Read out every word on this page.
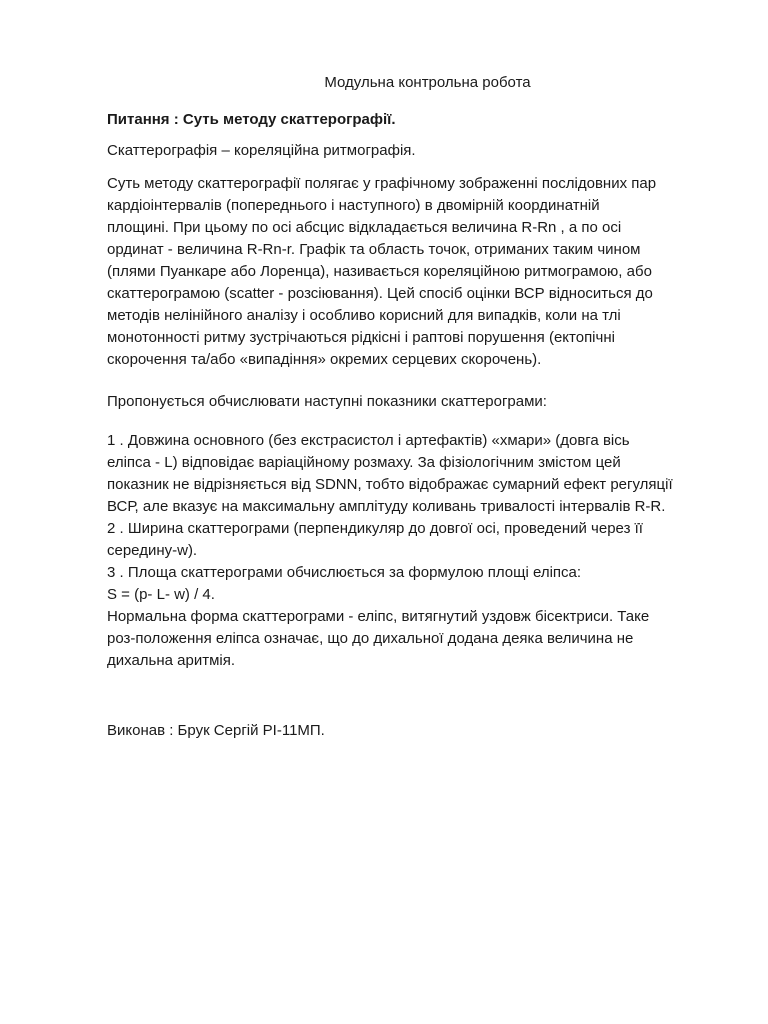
Модульна контрольна робота
Питання : Суть методу скаттерографії.
Скаттерографія – кореляційна ритмографія.
Суть методу скаттерографії полягає у графічному зображенні послідовних пар
кардіоінтервалів (попереднього і наступного) в двомірній координатній
площині. При цьому по осі абсцис відкладається величина R-Rn , а по осі
ординат - величина R-Rn-r. Графік та область точок, отриманих таким чином
(плями Пуанкаре або Лоренца), називається кореляційною ритмограмою, або
скаттерограмою (scatter - розсіювання). Цей спосіб оцінки ВСР відноситься до
методів нелінійного аналізу і особливо корисний для випадків, коли на тлі
монотонності ритму зустрічаються рідкісні і раптові порушення (ектопічні
скорочення та/або «випадіння» окремих серцевих скорочень).
Пропонується обчислювати наступні показники скаттерограми:
1 . Довжина основного (без екстрасистол і артефактів) «хмари» (довга вісь
еліпса - L) відповідає варіаційному розмаху. За фізіологічним змістом цей
показник не відрізняється від SDNN, тобто відображає сумарний ефект регуляції
ВСР, але вказує на максимальну амплітуду коливань тривалості інтервалів R-R.
2 . Ширина скаттерограми (перпендикуляр до довгої осі, проведений через її
середину-w).
3 . Площа скаттерограми обчислюється за формулою площі еліпса:
S = (p- L- w) / 4.
Нормальна форма скаттерограми - еліпс, витягнутий уздовж бісектриси. Таке
роз-положення еліпса означає, що до дихальної додана деяка величина не
дихальна аритмія.
Виконав : Брук Сергій РІ-11МП.
